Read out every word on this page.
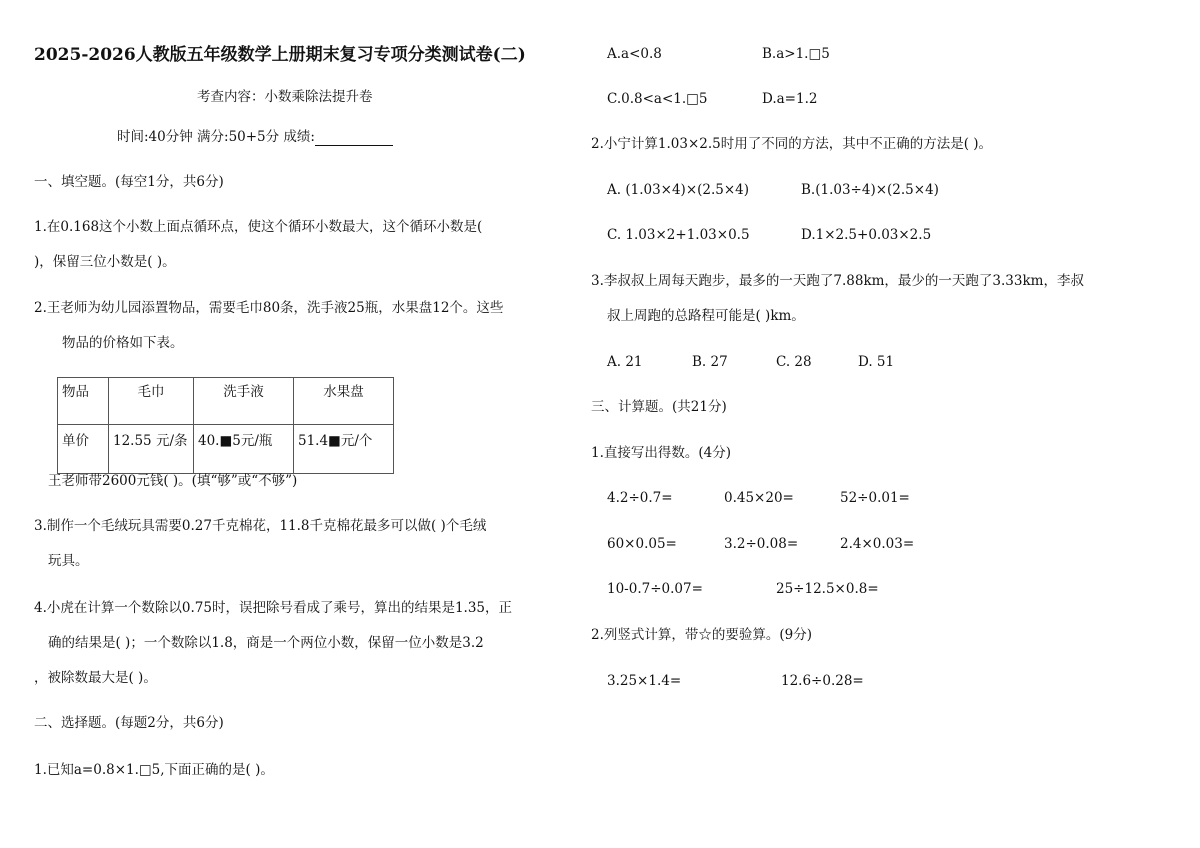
2025-2026人教版五年级数学上册期末复习专项分类测试卷(二)
考查内容：小数乘除法提升卷
时间:40分钟 满分:50+5分 成绩:
一、填空题。(每空1分，共6分)
1.在0.168这个小数上面点循环点，使这个循环小数最大，这个循环小数是(
)，保留三位小数是( )。
2.王老师为幼儿园添置物品，需要毛巾80条，洗手液25瓶，水果盘12个。这些
物品的价格如下表。
物品	毛巾	洗手液	水果盘
单价	12.55 元/条	40.■5元/瓶	51.4■元/个
王老师带2600元钱( )。(填“够”或“不够”)
3.制作一个毛绒玩具需要0.27千克棉花，11.8千克棉花最多可以做( )个毛绒
玩具。
4.小虎在计算一个数除以0.75时，误把除号看成了乘号，算出的结果是1.35，正
确的结果是( )；一个数除以1.8，商是一个两位小数，保留一位小数是3.2
，被除数最大是( )。
二、选择题。(每题2分，共6分)
1.已知a=0.8×1.□5,下面正确的是( )。
A.a<0.8	B.a>1.□5
C.0.8<a<1.□5	D.a=1.2
2.小宁计算1.03×2.5时用了不同的方法，其中不正确的方法是( )。
A. (1.03×4)×(2.5×4)	B.(1.03÷4)×(2.5×4)
C. 1.03×2+1.03×0.5	D.1×2.5+0.03×2.5
3.李叔叔上周每天跑步，最多的一天跑了7.88km，最少的一天跑了3.33km，李叔
叔上周跑的总路程可能是( )km。
A. 21	B. 27	C. 28	D. 51
三、计算题。(共21分)
1.直接写出得数。(4分)
4.2÷0.7=	0.45×20=	52÷0.01=
60×0.05=	3.2÷0.08=	2.4×0.03=
10-0.7÷0.07=	25÷12.5×0.8=
2.列竖式计算，带☆的要验算。(9分)
3.25×1.4=	12.6÷0.28=
